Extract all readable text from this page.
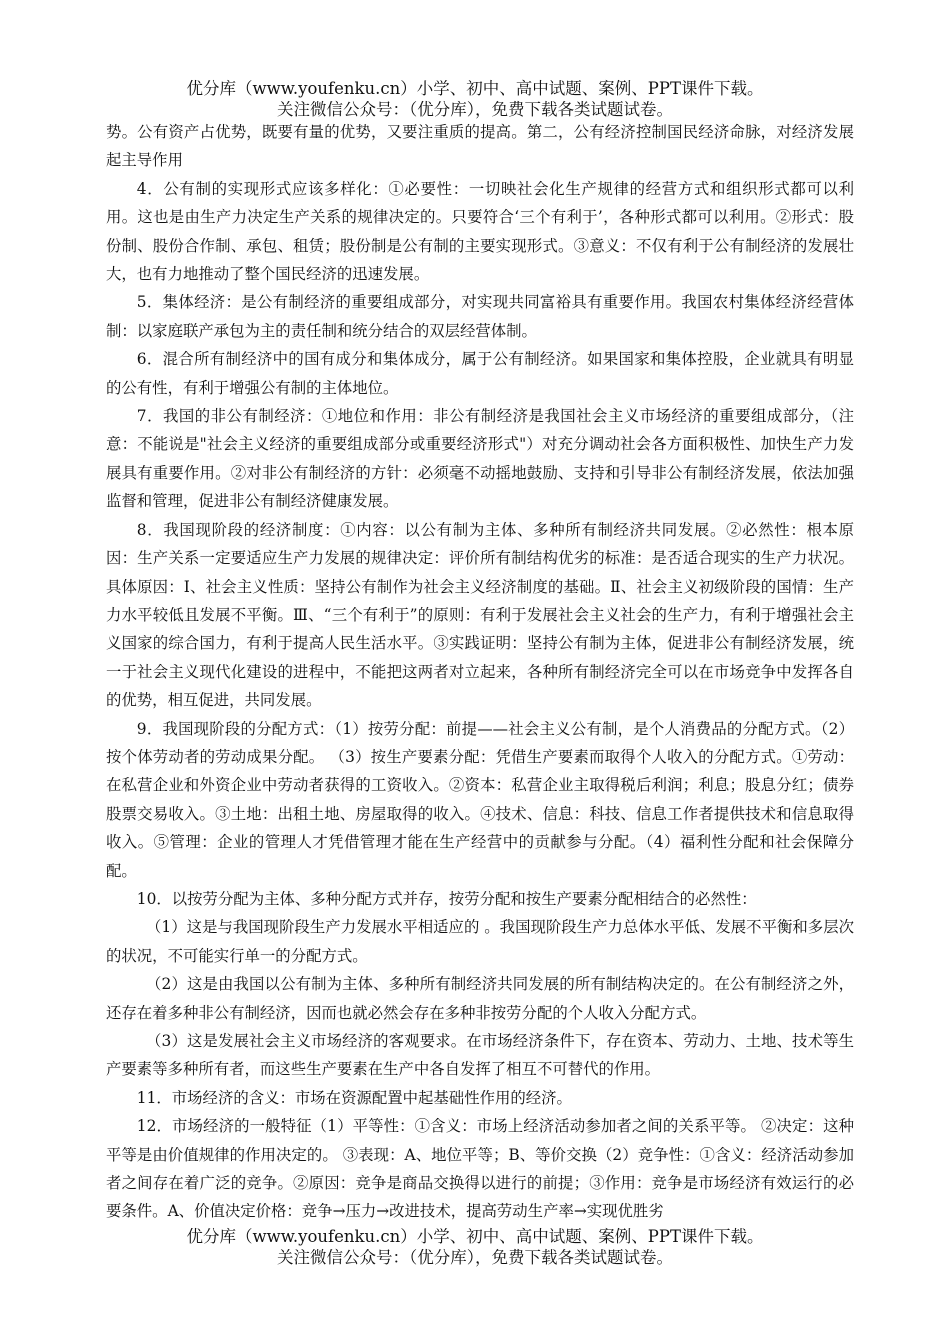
优分库（www.youfenku.cn）小学、初中、高中试题、案例、PPT课件下载。
关注微信公众号：（优分库），免费下载各类试题试卷。

势。公有资产占优势，既要有量的优势，又要注重质的提高。第二，公有经济控制国民经济命脉，对经济发展起主导作用

4．公有制的实现形式应该多样化：①必要性：一切映社会化生产规律的经营方式和组织形式都可以利用。这也是由生产力决定生产关系的规律决定的。只要符合‘三个有利于’，各种形式都可以利用。②形式：股份制、股份合作制、承包、租赁；股份制是公有制的主要实现形式。③意义：不仅有利于公有制经济的发展壮大，也有力地推动了整个国民经济的迅速发展。

5．集体经济：是公有制经济的重要组成部分，对实现共同富裕具有重要作用。我国农村集体经济经营体制：以家庭联产承包为主的责任制和统分结合的双层经营体制。

6．混合所有制经济中的国有成分和集体成分，属于公有制经济。如果国家和集体控股，企业就具有明显的公有性，有利于增强公有制的主体地位。

7．我国的非公有制经济：①地位和作用：非公有制经济是我国社会主义市场经济的重要组成部分，（注意：不能说是"社会主义经济的重要组成部分或重要经济形式"）对充分调动社会各方面积极性、加快生产力发展具有重要作用。②对非公有制经济的方针：必须毫不动摇地鼓励、支持和引导非公有制经济发展，依法加强监督和管理，促进非公有制经济健康发展。

8．我国现阶段的经济制度：①内容：以公有制为主体、多种所有制经济共同发展。②必然性：根本原因：生产关系一定要适应生产力发展的规律决定：评价所有制结构优劣的标准：是否适合现实的生产力状况。具体原因：Ⅰ、社会主义性质：坚持公有制作为社会主义经济制度的基础。Ⅱ、社会主义初级阶段的国情：生产力水平较低且发展不平衡。Ⅲ、“三个有利于”的原则：有利于发展社会主义社会的生产力，有利于增强社会主义国家的综合国力，有利于提高人民生活水平。③实践证明：坚持公有制为主体，促进非公有制经济发展，统一于社会主义现代化建设的进程中，不能把这两者对立起来，各种所有制经济完全可以在市场竞争中发挥各自的优势，相互促进，共同发展。

9．我国现阶段的分配方式：（1）按劳分配：前提——社会主义公有制，是个人消费品的分配方式。（2）按个体劳动者的劳动成果分配。 （3）按生产要素分配：凭借生产要素而取得个人收入的分配方式。①劳动：在私营企业和外资企业中劳动者获得的工资收入。②资本：私营企业主取得税后利润；利息；股息分红；债券股票交易收入。③土地：出租土地、房屋取得的收入。④技术、信息：科技、信息工作者提供技术和信息取得收入。⑤管理：企业的管理人才凭借管理才能在生产经营中的贡献参与分配。（4）福利性分配和社会保障分配。

10．以按劳分配为主体、多种分配方式并存，按劳分配和按生产要素分配相结合的必然性：

（1）这是与我国现阶段生产力发展水平相适应的 。我国现阶段生产力总体水平低、发展不平衡和多层次的状况，不可能实行单一的分配方式。

（2）这是由我国以公有制为主体、多种所有制经济共同发展的所有制结构决定的。在公有制经济之外，还存在着多种非公有制经济，因而也就必然会存在多种非按劳分配的个人收入分配方式。

（3）这是发展社会主义市场经济的客观要求。在市场经济条件下，存在资本、劳动力、土地、技术等生产要素等多种所有者，而这些生产要素在生产中各自发挥了相互不可替代的作用。

11．市场经济的含义：市场在资源配置中起基础性作用的经济。

12．市场经济的一般特征（1）平等性：①含义：市场上经济活动参加者之间的关系平等。 ②决定：这种平等是由价值规律的作用决定的。 ③表现：A、地位平等；B、等价交换（2）竞争性：①含义：经济活动参加者之间存在着广泛的竞争。②原因：竞争是商品交换得以进行的前提；③作用：竞争是市场经济有效运行的必要条件。A、价值决定价格：竞争→压力→改进技术，提高劳动生产率→实现优胜劣

优分库（www.youfenku.cn）小学、初中、高中试题、案例、PPT课件下载。
关注微信公众号：（优分库），免费下载各类试题试卷。
